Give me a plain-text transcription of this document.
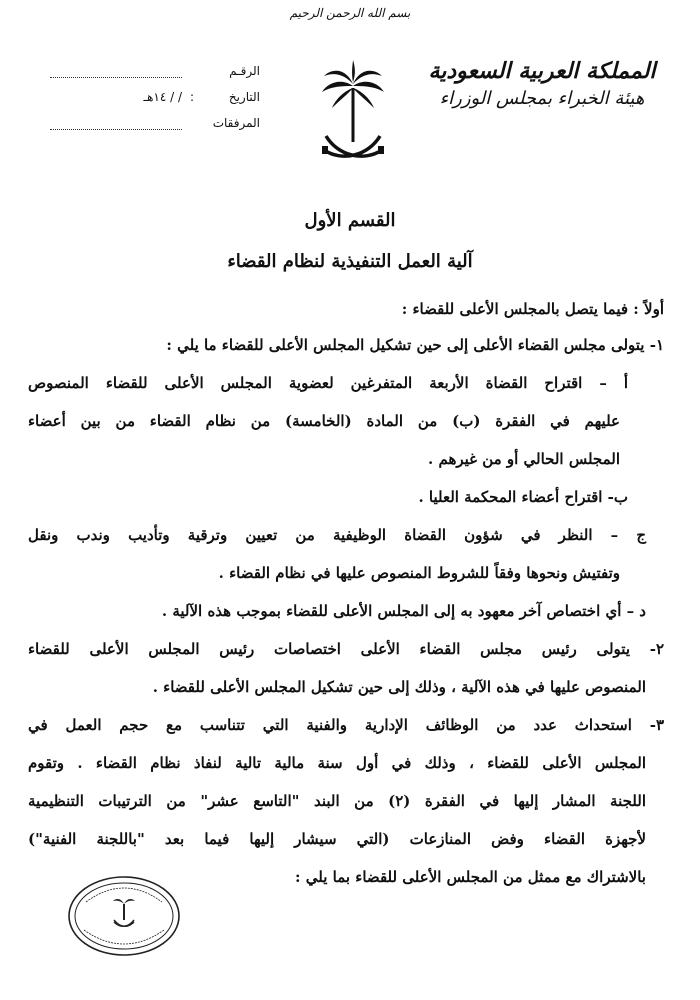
بسم الله الرحمن الرحيم
المملكة العربية السعودية
هيئة الخبراء بمجلس الوزراء
الرقـم
التاريخ
:
/ / ١٤هـ
المرفقات
القسم الأول
آلية العمل التنفيذية لنظام القضاء
أولاً : فيما يتصل بالمجلس الأعلى للقضاء :
١- يتولى مجلس القضاء الأعلى إلى حين تشكيل المجلس الأعلى للقضاء ما يلي :
أ – اقتراح القضاة الأربعة المتفرغين لعضوية المجلس الأعلى للقضاء المنصوص
عليهم في الفقرة (ب) من المادة (الخامسة) من نظام القضاء من بين أعضاء
المجلس الحالي أو من غيرهم .
ب- اقتراح أعضاء المحكمة العليا .
ج – النظر في شؤون القضاة الوظيفية من تعيين وترقية وتأديب وندب ونقل
وتفتيش ونحوها وفقاً للشروط المنصوص عليها في نظام القضاء .
د – أي اختصاص آخر معهود به إلى المجلس الأعلى للقضاء بموجب هذه الآلية .
٢- يتولى رئيس مجلس القضاء الأعلى اختصاصات رئيس المجلس الأعلى للقضاء
المنصوص عليها في هذه الآلية ، وذلك إلى حين تشكيل المجلس الأعلى للقضاء .
٣- استحداث عدد من الوظائف الإدارية والفنية التي تتناسب مع حجم العمل في
المجلس الأعلى للقضاء ، وذلك في أول سنة مالية تالية لنفاذ نظام القضاء . وتقوم
اللجنة المشار إليها في الفقرة (٢) من البند "التاسع عشر" من الترتيبات التنظيمية
لأجهزة القضاء وفض المنازعات (التي سيشار إليها فيما بعد "باللجنة الفنية")
بالاشتراك مع ممثل من المجلس الأعلى للقضاء بما يلي :
